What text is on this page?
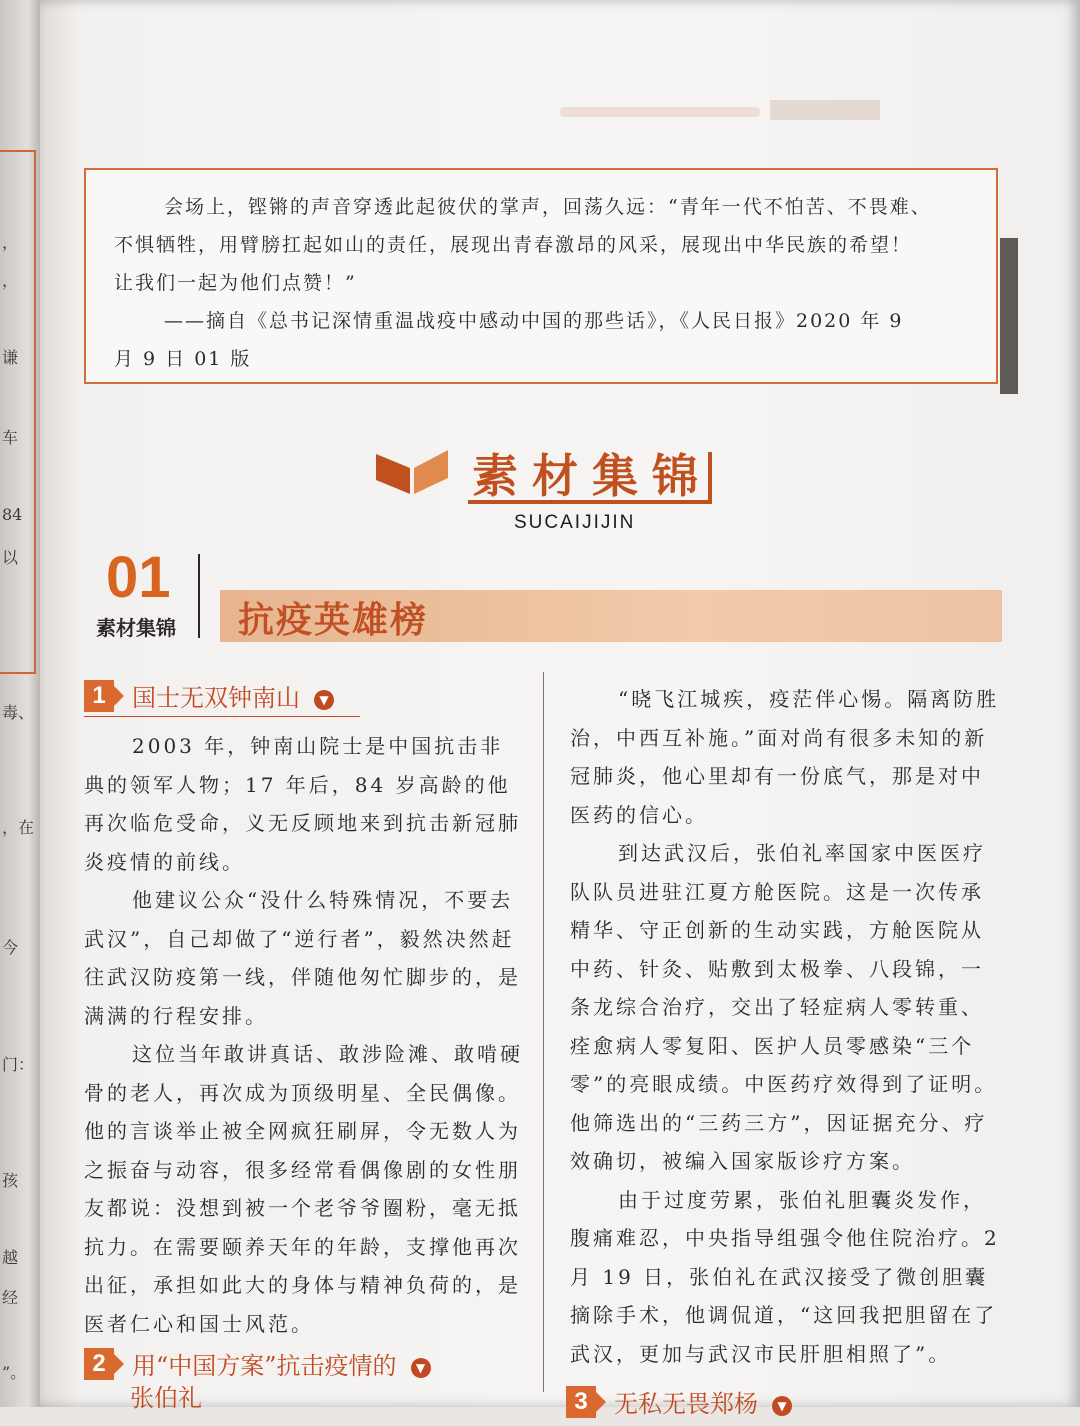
，
，
谦
车
84
以
毒、
，在
今
门：
孩
越
经
”。

会场上，铿锵的声音穿透此起彼伏的掌声，回荡久远：“青年一代不怕苦、不畏难、

不惧牺牲，用臂膀扛起如山的责任，展现出青春激昂的风采，展现出中华民族的希望！

让我们一起为他们点赞！”

——摘自《总书记深情重温战疫中感动中国的那些话》，《人民日报》2020 年 9

月 9 日 01 版

素材集锦
SUCAIJIJIN
01
素材集锦 抗疫英雄榜
1	国士无双钟南山 ▼

2003 年，钟南山院士是中国抗击非典的领军人物；17 年后，84 岁高龄的他再次临危受命，义无反顾地来到抗击新冠肺炎疫情的前线。

他建议公众“没什么特殊情况，不要去武汉”，自己却做了“逆行者”，毅然决然赶往武汉防疫第一线，伴随他匆忙脚步的，是满满的行程安排。

这位当年敢讲真话、敢涉险滩、敢啃硬骨的老人，再次成为顶级明星、全民偶像。他的言谈举止被全网疯狂刷屏，令无数人为之振奋与动容，很多经常看偶像剧的女性朋友都说：没想到被一个老爷爷圈粉，毫无抵抗力。在需要颐养天年的年龄，支撑他再次出征，承担如此大的身体与精神负荷的，是医者仁心和国士风范。

2	用“中国方案”抗击疫情的 ▼
张伯礼

“晓飞江城疾，疫茫伴心惕。隔离防胜治，中西互补施。”面对尚有很多未知的新冠肺炎，他心里却有一份底气，那是对中医药的信心。

到达武汉后，张伯礼率国家中医医疗队队员进驻江夏方舱医院。这是一次传承精华、守正创新的生动实践，方舱医院从中药、针灸、贴敷到太极拳、八段锦，一条龙综合治疗，交出了轻症病人零转重、痊愈病人零复阳、医护人员零感染“三个零”的亮眼成绩。中医药疗效得到了证明。他筛选出的“三药三方”，因证据充分、疗效确切，被编入国家版诊疗方案。

由于过度劳累，张伯礼胆囊炎发作，腹痛难忍，中央指导组强令他住院治疗。2 月 19 日，张伯礼在武汉接受了微创胆囊摘除手术，他调侃道，“这回我把胆留在了武汉，更加与武汉市民肝胆相照了”。

3	无私无畏郑杨 ▼
